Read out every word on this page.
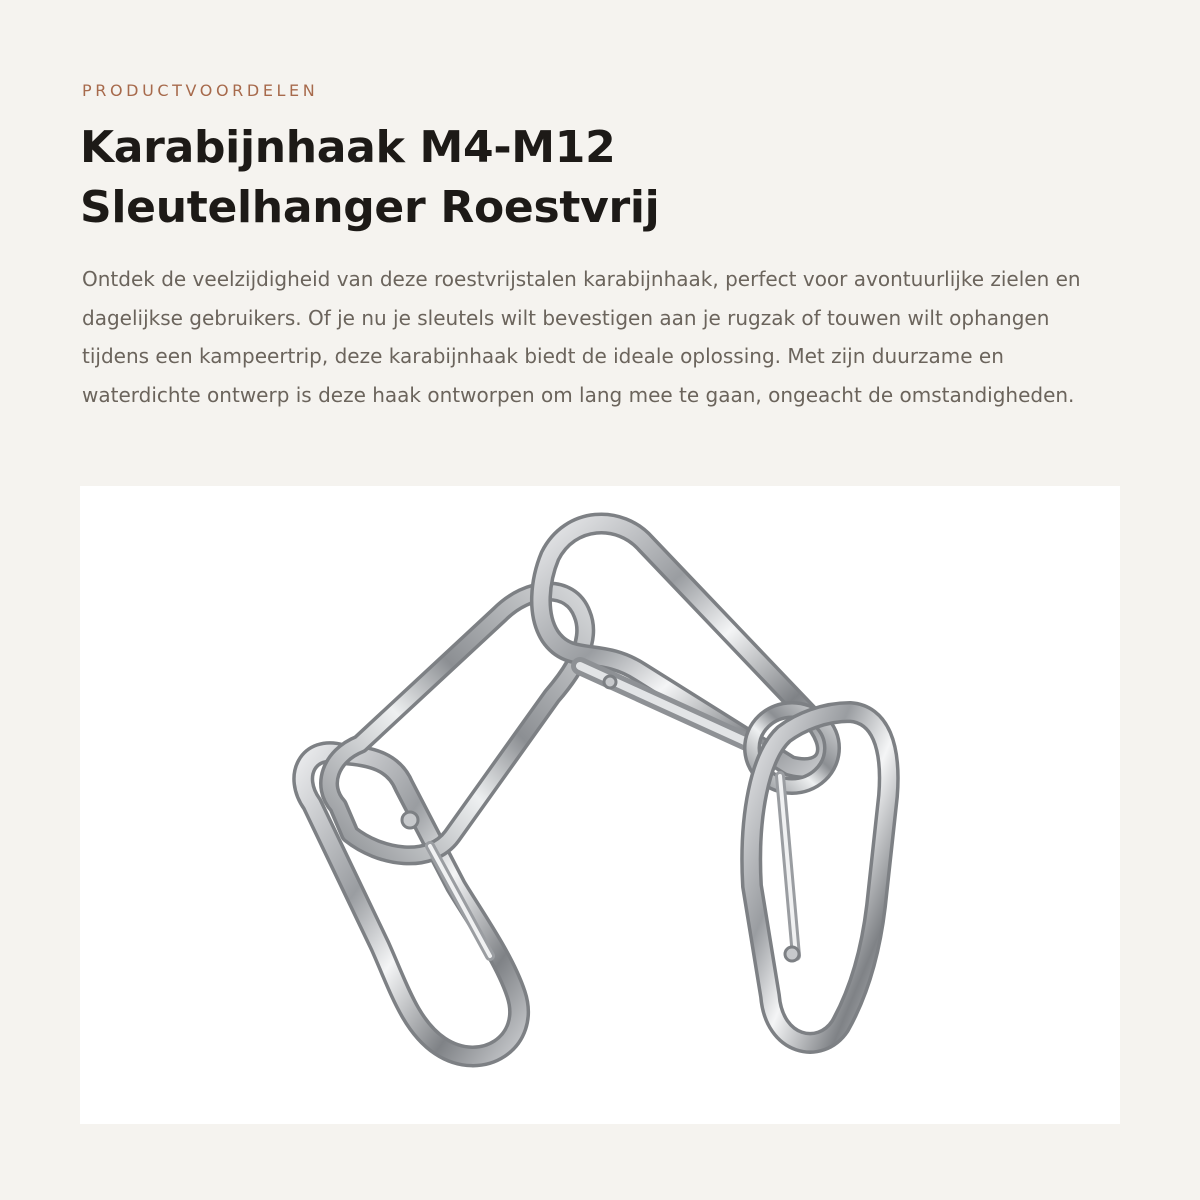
PRODUCTVOORDELEN
Karabijnhaak M4-M12
Sleutelhanger Roestvrij

Ontdek de veelzijdigheid van deze roestvrijstalen karabijnhaak, perfect voor avontuurlijke zielen en dagelijkse gebruikers. Of je nu je sleutels wilt bevestigen aan je rugzak of touwen wilt ophangen tijdens een kampeertrip, deze karabijnhaak biedt de ideale oplossing. Met zijn duurzame en waterdichte ontwerp is deze haak ontworpen om lang mee te gaan, ongeacht de omstandigheden.
